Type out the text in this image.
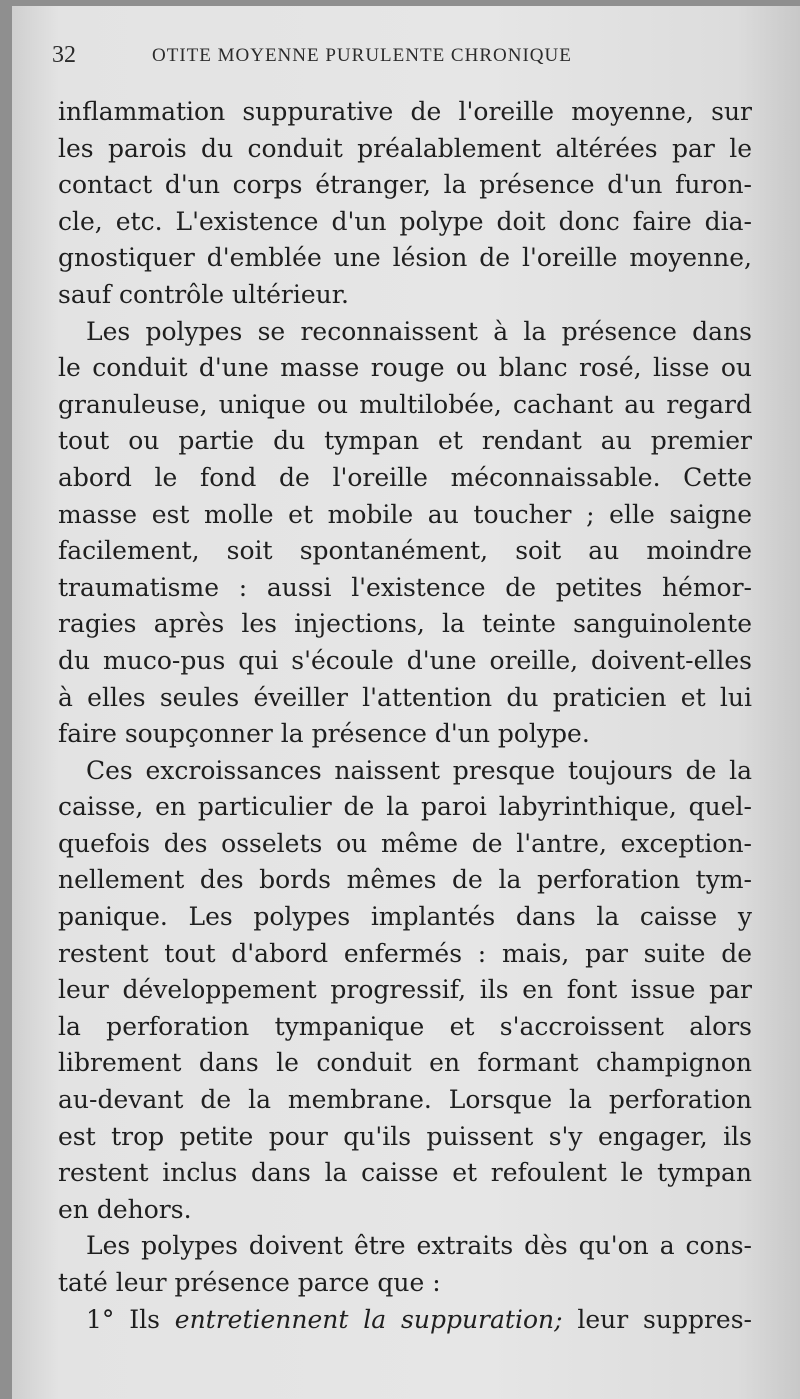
32	OTITE MOYENNE PURULENTE CHRONIQUE
inflammation suppurative de l'oreille moyenne, sur
les parois du conduit préalablement altérées par le
contact d'un corps étranger, la présence d'un furon-
cle, etc. L'existence d'un polype doit donc faire dia-
gnostiquer d'emblée une lésion de l'oreille moyenne,
sauf contrôle ultérieur.
Les polypes se reconnaissent à la présence dans
le conduit d'une masse rouge ou blanc rosé, lisse ou
granuleuse, unique ou multilobée, cachant au regard
tout ou partie du tympan et rendant au premier
abord le fond de l'oreille méconnaissable. Cette
masse est molle et mobile au toucher ; elle saigne
facilement, soit spontanément, soit au moindre
traumatisme : aussi l'existence de petites hémor-
ragies après les injections, la teinte sanguinolente
du muco-pus qui s'écoule d'une oreille, doivent-elles
à elles seules éveiller l'attention du praticien et lui
faire soupçonner la présence d'un polype.
Ces excroissances naissent presque toujours de la
caisse, en particulier de la paroi labyrinthique, quel-
quefois des osselets ou même de l'antre, exception-
nellement des bords mêmes de la perforation tym-
panique. Les polypes implantés dans la caisse y
restent tout d'abord enfermés : mais, par suite de
leur développement progressif, ils en font issue par
la perforation tympanique et s'accroissent alors
librement dans le conduit en formant champignon
au-devant de la membrane. Lorsque la perforation
est trop petite pour qu'ils puissent s'y engager, ils
restent inclus dans la caisse et refoulent le tympan
en dehors.
Les polypes doivent être extraits dès qu'on a cons-
taté leur présence parce que :
1° Ils entretiennent la suppuration; leur suppres-
